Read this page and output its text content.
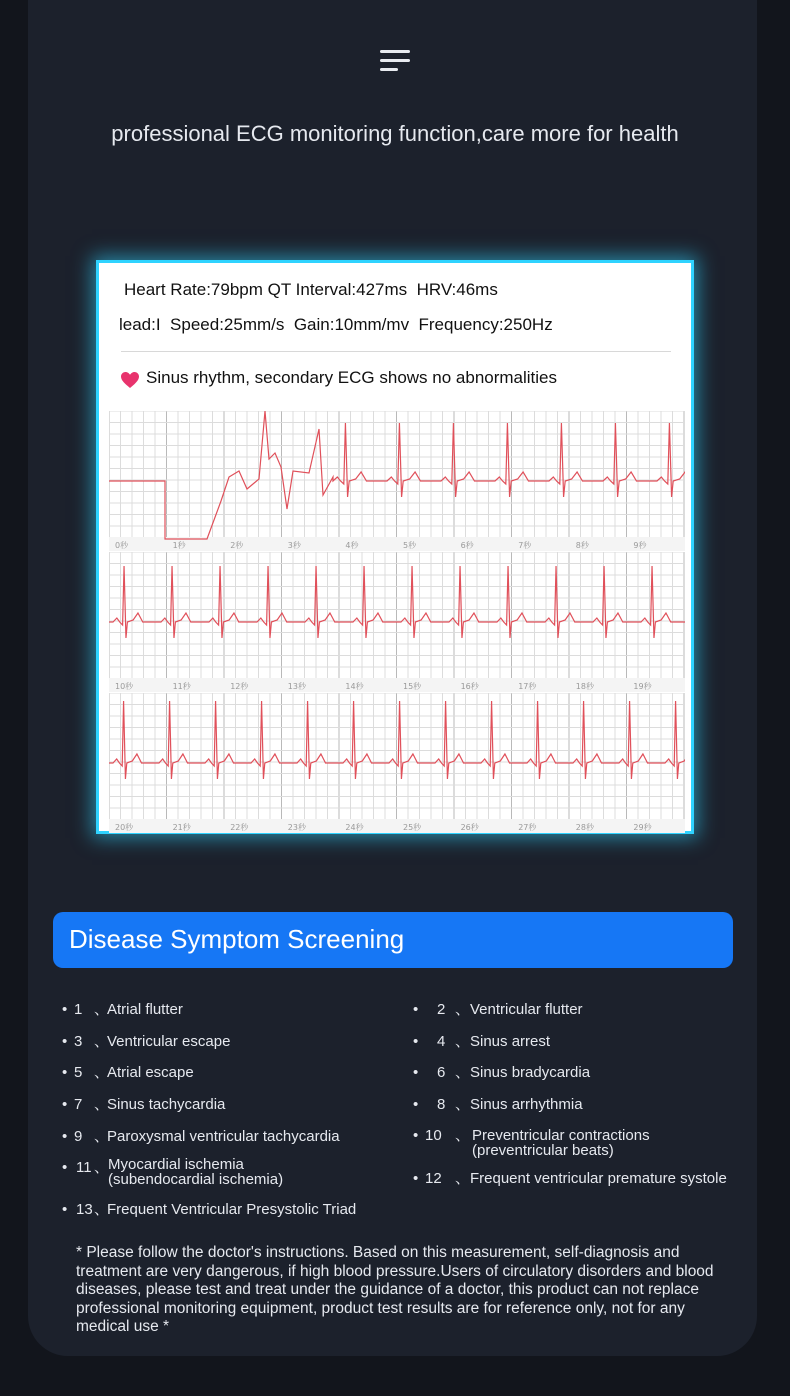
professional ECG monitoring function,care more for health
Heart Rate:79bpm QT Interval:427ms  HRV:46ms
lead:I  Speed:25mm/s  Gain:10mm/mv  Frequency:250Hz
Sinus rhythm, secondary ECG shows no abnormalities
0秒	1秒	2秒	3秒	4秒	5秒	6秒	7秒	8秒	9秒
10秒	11秒	12秒	13秒	14秒	15秒	16秒	17秒	18秒	19秒
20秒	21秒	22秒	23秒	24秒	25秒	26秒	27秒	28秒	29秒
Disease Symptom Screening
• 1 、
Atrial flutter	• 2 、 Ventricular flutter
• 3 、
Ventricular escape	• 4 、 Sinus arrest
• 5 、
Atrial escape	• 6 、 Sinus bradycardia
• 7 、
Sinus tachycardia	• 8 、 Sinus arrhythmia
• 9 、
Paroxysmal ventricular tachycardia	• 10 、 Preventricular contractions
(preventricular beats)
• 11 、
Myocardial ischemia
(subendocardial ischemia)	• 12 、 Frequent ventricular premature systole
• 13 、
Frequent Ventricular Presystolic Triad
* Please follow the doctor's instructions. Based on this measurement, self-diagnosis and treatment are very dangerous, if high blood pressure.Users of circulatory disorders and blood diseases, please test and treat under the guidance of a doctor, this product can not replace professional monitoring equipment, product test results are for reference only, not for any medical use *
